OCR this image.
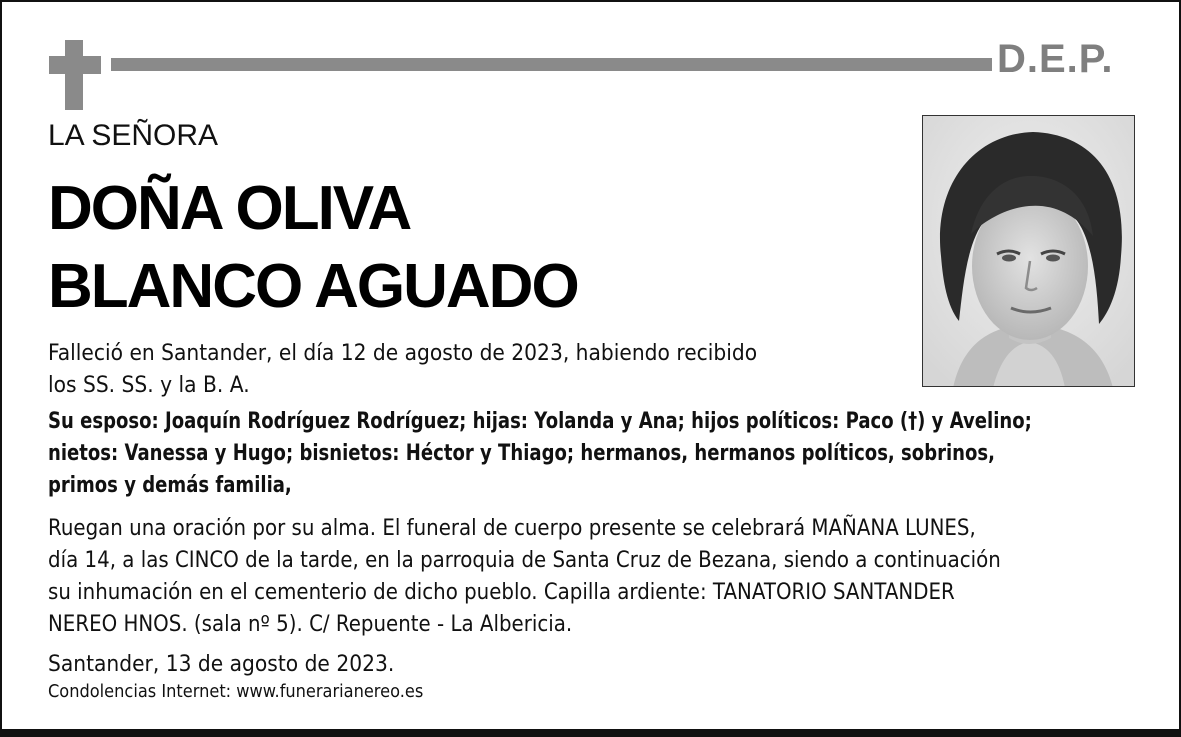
D.E.P.
LA SEÑORA
DOÑA OLIVA
BLANCO AGUADO
Falleció en Santander, el día 12 de agosto de 2023, habiendo recibido
los SS. SS. y la B. A.
Su esposo: Joaquín Rodríguez Rodríguez; hijas: Yolanda y Ana; hijos políticos: Paco (†) y Avelino;
nietos: Vanessa y Hugo; bisnietos: Héctor y Thiago; hermanos, hermanos políticos, sobrinos,
primos y demás familia,
Ruegan una oración por su alma. El funeral de cuerpo presente se celebrará MAÑANA LUNES,
día 14, a las CINCO de la tarde, en la parroquia de Santa Cruz de Bezana, siendo a continuación
su inhumación en el cementerio de dicho pueblo. Capilla ardiente: TANATORIO SANTANDER
NEREO HNOS. (sala nº 5). C/ Repuente - La Albericia.
Santander, 13 de agosto de 2023.
Condolencias Internet: www.funerarianereo.es
